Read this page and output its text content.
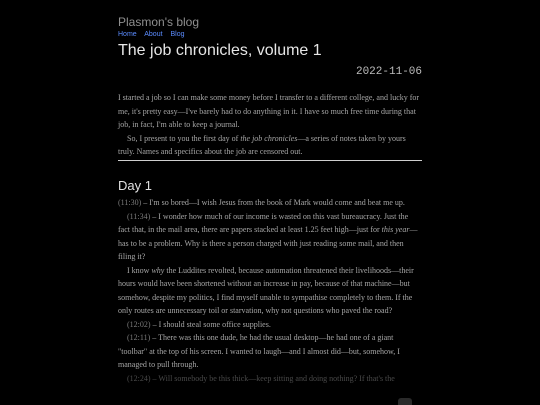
Plasmon's blog
Home About Blog
The job chronicles, volume 1
2022-11-06

I started a job so I can make some money before I transfer to a different college, and lucky for me, it's pretty easy—I've barely had to do anything in it. I have so much free time during that job, in fact, I'm able to keep a journal.

So, I present to you the first day of the job chronicles—a series of notes taken by yours truly. Names and specifics about the job are censored out.

Day 1

(11:30) – I'm so bored—I wish Jesus from the book of Mark would come and beat me up.

(11:34) – I wonder how much of our income is wasted on this vast bureaucracy. Just the fact that, in the mail area, there are papers stacked at least 1.25 feet high—just for this year—has to be a problem. Why is there a person charged with just reading some mail, and then filing it?

I know why the Luddites revolted, because automation threatened their livelihoods—their hours would have been shortened without an increase in pay, because of that machine—but somehow, despite my politics, I find myself unable to sympathise completely to them. If the only routes are unnecessary toil or starvation, why not questions who paved the road?

(12:02) – I should steal some office supplies.

(12:11) – There was this one dude, he had the usual desktop—he had one of a giant "toolbar" at the top of his screen. I wanted to laugh—and I almost did—but, somehow, I managed to pull through.

(12:24) – Will somebody be this thick—keep sitting and doing nothing? If that's the
